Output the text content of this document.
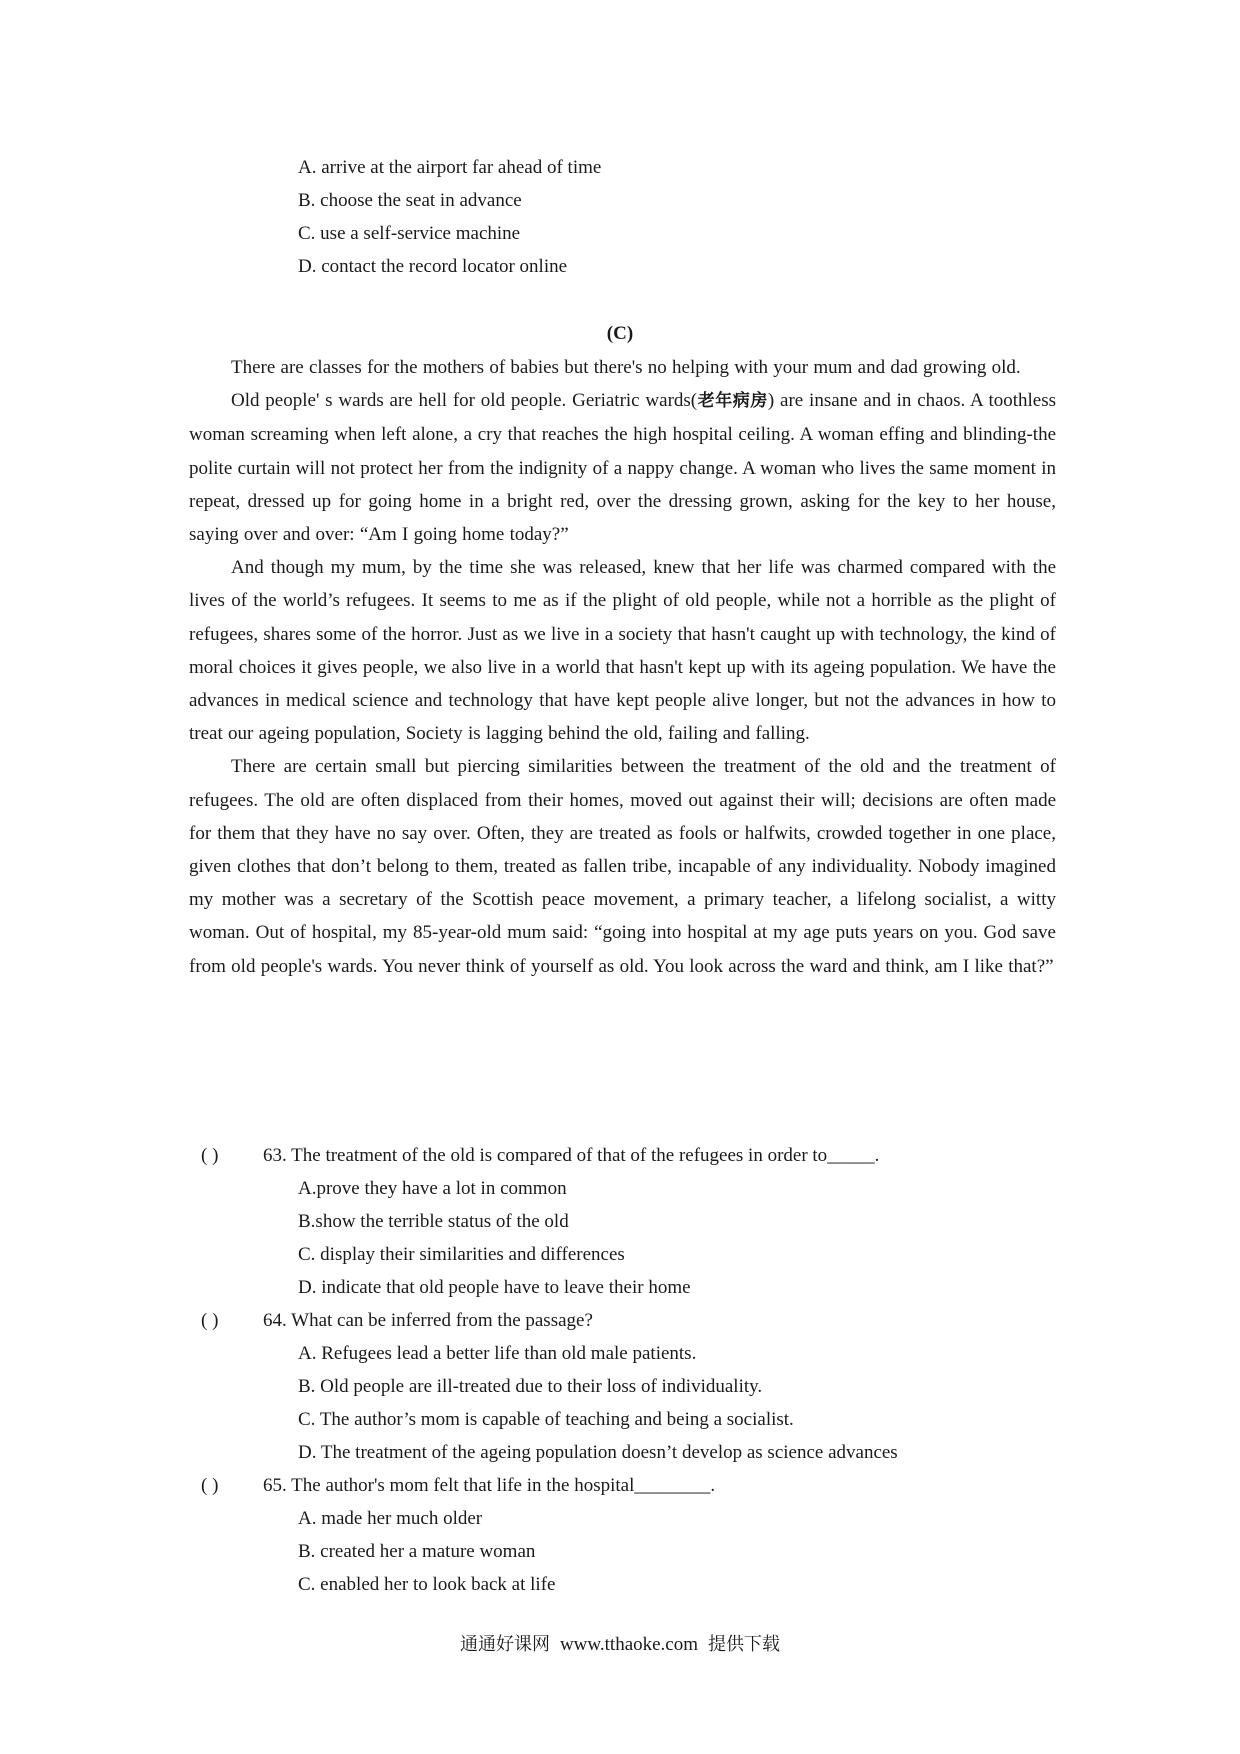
A. arrive at the airport far ahead of time
B. choose the seat in advance
C. use a self-service machine
D. contact the record locator online
(C)

There are classes for the mothers of babies but there's no helping with your mum and dad growing old.

Old people' s wards are hell for old people. Geriatric wards(老年病房) are insane and in chaos. A toothless woman screaming when left alone, a cry that reaches the high hospital ceiling. A woman effing and blinding-the polite curtain will not protect her from the indignity of a nappy change. A woman who lives the same moment in repeat, dressed up for going home in a bright red, over the dressing grown, asking for the key to her house, saying over and over: “Am I going home today?”

And though my mum, by the time she was released, knew that her life was charmed compared with the lives of the world’s refugees. It seems to me as if the plight of old people, while not a horrible as the plight of refugees, shares some of the horror. Just as we live in a society that hasn't caught up with technology, the kind of moral choices it gives people, we also live in a world that hasn't kept up with its ageing population. We have the advances in medical science and technology that have kept people alive longer, but not the advances in how to treat our ageing population, Society is lagging behind the old, failing and falling.

There are certain small but piercing similarities between the treatment of the old and the treatment of refugees. The old are often displaced from their homes, moved out against their will; decisions are often made for them that they have no say over. Often, they are treated as fools or halfwits, crowded together in one place, given clothes that don’t belong to them, treated as fallen tribe, incapable of any individuality. Nobody imagined my mother was a secretary of the Scottish peace movement, a primary teacher, a lifelong socialist, a witty woman. Out of hospital, my 85-year-old mum said: “going into hospital at my age puts years on you. God save from old people's wards. You never think of yourself as old. You look across the ward and think, am I like that?”

( ) 63. The treatment of the old is compared of that of the refugees in order to_____.
A.prove they have a lot in common
B.show the terrible status of the old
C. display their similarities and differences
D. indicate that old people have to leave their home
( ) 64. What can be inferred from the passage?
A. Refugees lead a better life than old male patients.
B. Old people are ill-treated due to their loss of individuality.
C. The author’s mom is capable of teaching and being a socialist.
D. The treatment of the ageing population doesn’t develop as science advances
( ) 65. The author's mom felt that life in the hospital________.
A. made her much older
B. created her a mature woman
C. enabled her to look back at life
通通好课网 www.tthaoke.com 提供下载
